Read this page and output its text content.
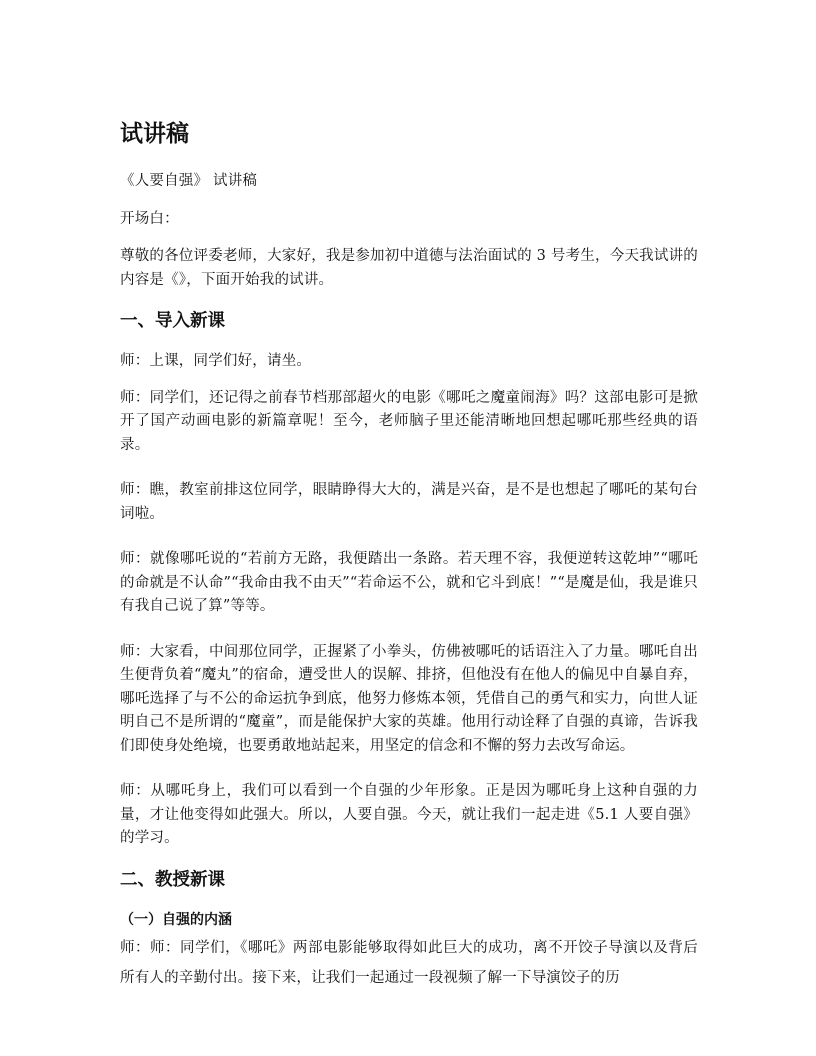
试讲稿

《人要自强》 试讲稿

开场白：

尊敬的各位评委老师，大家好，我是参加初中道德与法治面试的 3 号考生，今天我试讲的内容是《》，下面开始我的试讲。

一、导入新课

师：上课，同学们好，请坐。

师：同学们，还记得之前春节档那部超火的电影《哪吒之魔童闹海》吗？这部电影可是掀开了国产动画电影的新篇章呢！至今，老师脑子里还能清晰地回想起哪吒那些经典的语录。

师：瞧，教室前排这位同学，眼睛睁得大大的，满是兴奋，是不是也想起了哪吒的某句台词啦。

师：就像哪吒说的“若前方无路，我便踏出一条路。若天理不容，我便逆转这乾坤”“哪吒的命就是不认命”“我命由我不由天”“若命运不公，就和它斗到底！”“是魔是仙，我是谁只有我自己说了算”等等。

师：大家看，中间那位同学，正握紧了小拳头，仿佛被哪吒的话语注入了力量。哪吒自出生便背负着“魔丸”的宿命，遭受世人的误解、排挤，但他没有在他人的偏见中自暴自弃，哪吒选择了与不公的命运抗争到底，他努力修炼本领，凭借自己的勇气和实力，向世人证明自己不是所谓的“魔童”，而是能保护大家的英雄。他用行动诠释了自强的真谛，告诉我们即使身处绝境，也要勇敢地站起来，用坚定的信念和不懈的努力去改写命运。

师：从哪吒身上，我们可以看到一个自强的少年形象。正是因为哪吒身上这种自强的力量，才让他变得如此强大。所以，人要自强。今天，就让我们一起走进《5.1 人要自强》的学习。

二、教授新课
（一）自强的内涵

师：师：同学们，《哪吒》两部电影能够取得如此巨大的成功，离不开饺子导演以及背后所有人的辛勤付出。接下来，让我们一起通过一段视频了解一下导演饺子的历
